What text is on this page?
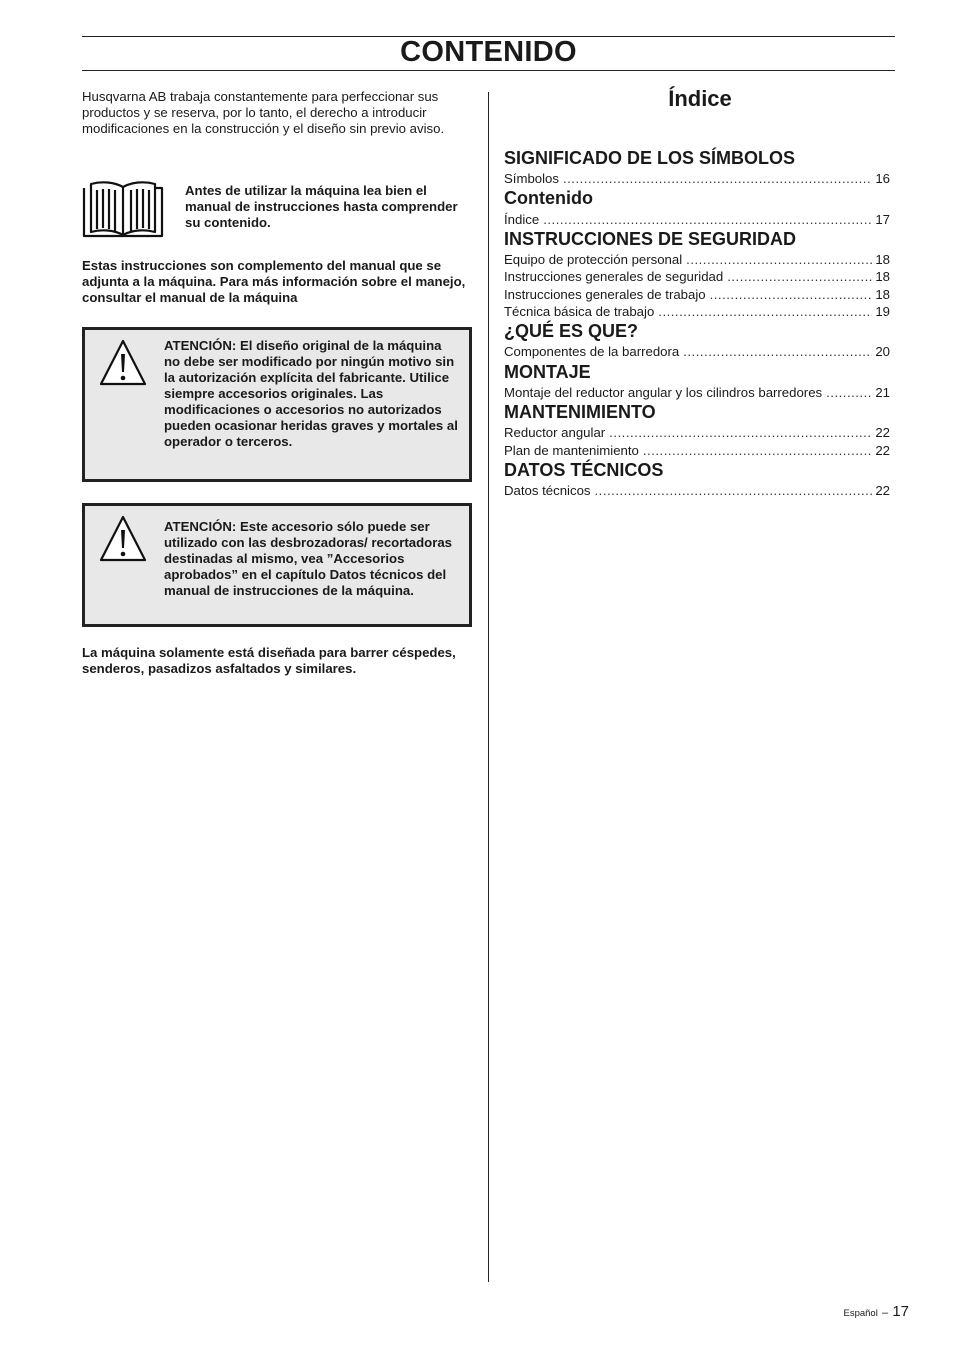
CONTENIDO

Husqvarna AB trabaja constantemente para perfeccionar sus productos y se reserva, por lo tanto, el derecho a introducir modificaciones en la construcción y el diseño sin previo aviso.

Antes de utilizar la máquina lea bien el manual de instrucciones hasta comprender su contenido.

Estas instrucciones son complemento del manual que se adjunta a la máquina. Para más información sobre el manejo, consultar el manual de la máquina

ATENCIÓN: El diseño original de la máquina no debe ser modificado por ningún motivo sin la autorización explícita del fabricante. Utilice siempre accesorios originales. Las modificaciones o accesorios no autorizados pueden ocasionar heridas graves y mortales al operador o terceros.

ATENCIÓN: Este accesorio sólo puede ser utilizado con las desbrozadoras/ recortadoras destinadas al mismo, vea ”Accesorios aprobados” en el capítulo Datos técnicos del manual de instrucciones de la máquina.

La máquina solamente está diseñada para barrer céspedes, senderos, pasadizos asfaltados y similares.

Índice
SIGNIFICADO DE LOS SÍMBOLOS
Símbolos .....	16
Contenido
Índice .....	17
INSTRUCCIONES DE SEGURIDAD
Equipo de protección personal .....	18
Instrucciones generales de seguridad .....	18
Instrucciones generales de trabajo .....	18
Técnica básica de trabajo .....	19
¿QUÉ ES QUE?
Componentes de la barredora .....	20
MONTAJE
Montaje del reductor angular y los cilindros barredores .....	21
MANTENIMIENTO
Reductor angular .....	22
Plan de mantenimiento .....	22
DATOS TÉCNICOS
Datos técnicos .....	22
Español – 17
